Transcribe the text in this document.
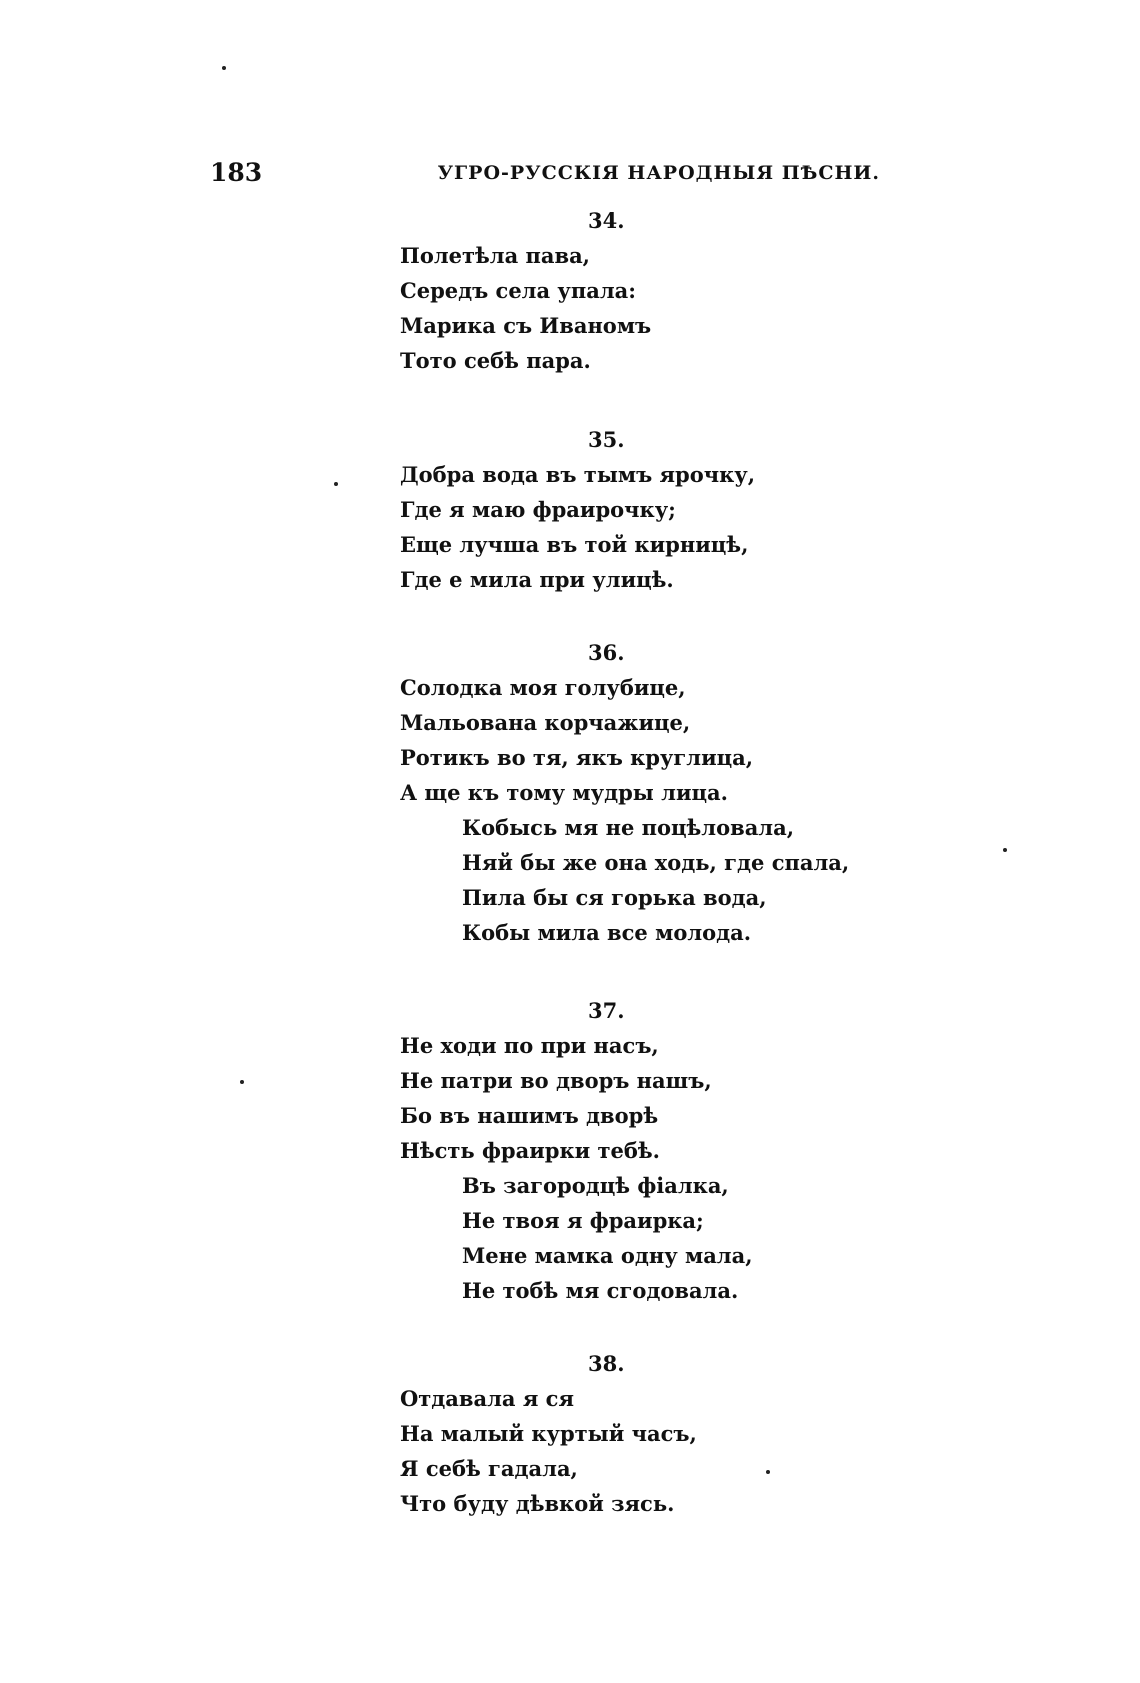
183	УГРО-РУССКІЯ НАРОДНЫЯ ПѢСНИ.
34.
Полетѣла пава,
Середъ села упала:
Марика съ Иваномъ
Тото себѣ пара.
35.
Добра вода въ тымъ ярочку,
Где я маю фраирочку;
Еще лучша въ той кирницѣ,
Где е мила при улицѣ.
36.
Солодка моя голубице,
Мальована корчажице,
Ротикъ во тя, якъ круглица,
А ще къ тому мудры лица.
Кобысь мя не поцѣловала,
Няй бы же она ходь, где спала,
Пила бы ся горька вода,
Кобы мила все молода.
37.
Не ходи по при насъ,
Не патри во дворъ нашъ,
Бо въ нашимъ дворѣ
Нѣсть фраирки тебѣ.
Въ загородцѣ фіалка,
Не твоя я фраирка;
Мене мамка одну мала,
Не тобѣ мя сгодовала.
38.
Отдавала я ся
На малый куртый часъ,
Я себѣ гадала,
Что буду дѣвкой зясь.
